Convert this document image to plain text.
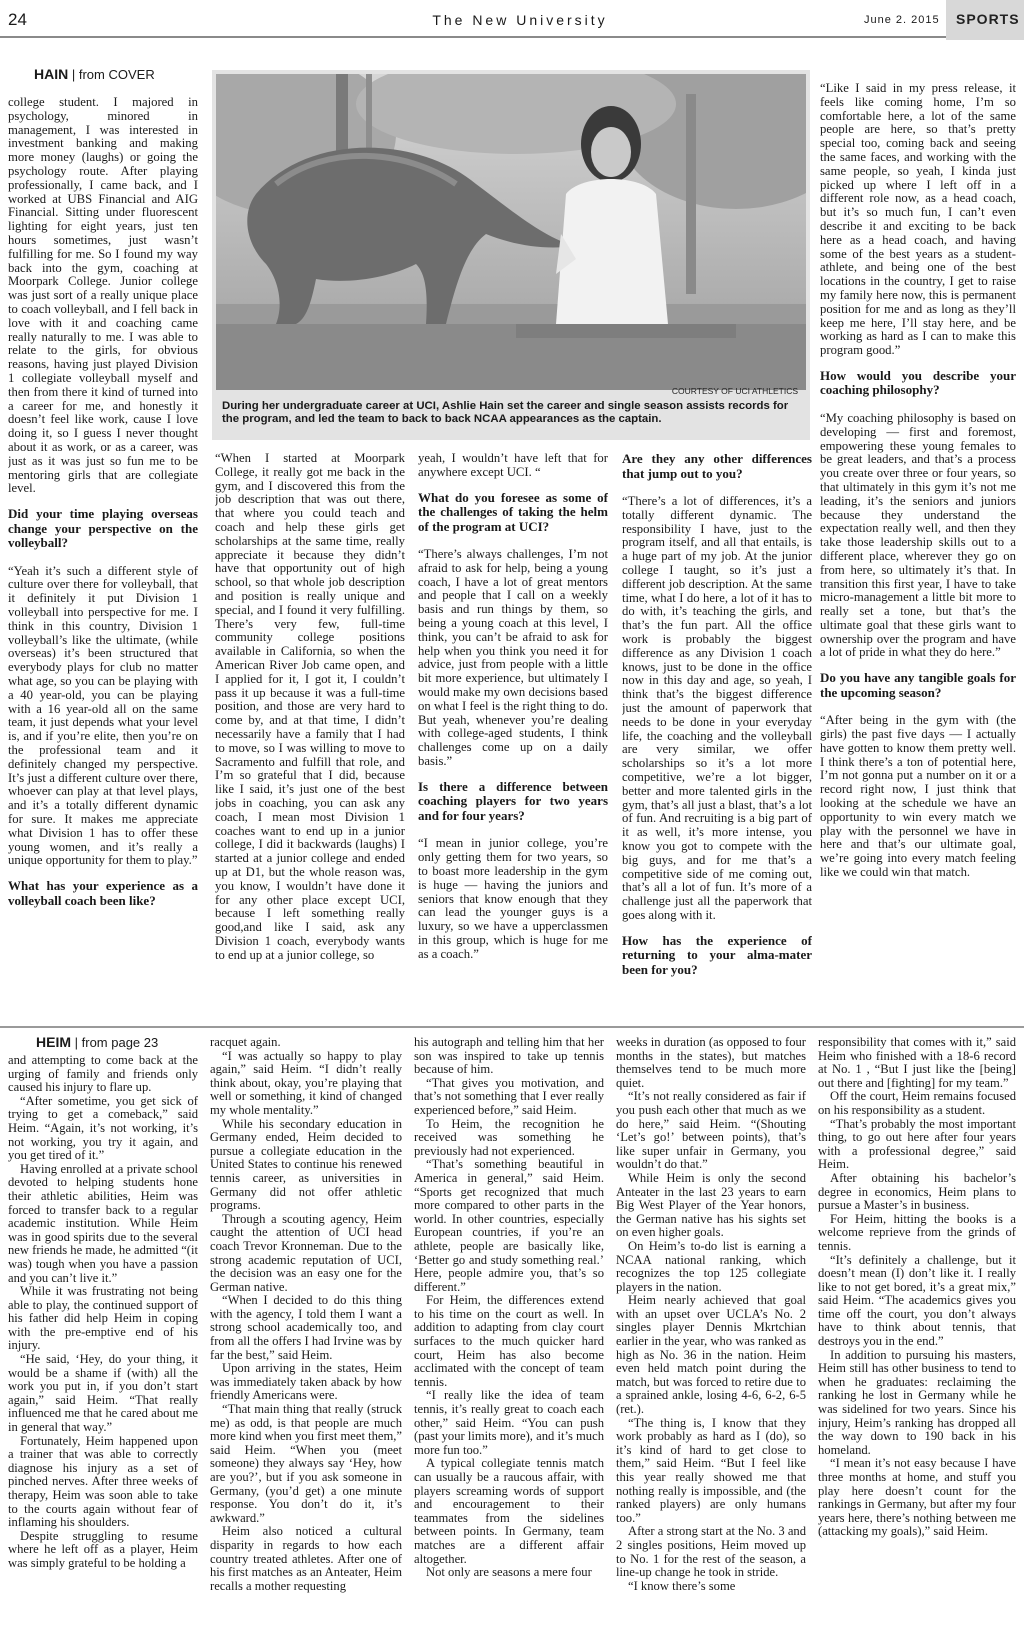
24	The New University	June 2. 2015 SPORTS
HAIN | from COVER
COURTESY OF UCI ATHLETICS
During her undergraduate career at UCI, Ashlie Hain set the career and single season assists records for the program, and led the team to back to back NCAA appearances as the captain.

college student. I majored in psychology, minored in management, I was interested in investment banking and making more money (laughs) or going the psychology route. After playing professionally, I came back, and I worked at UBS Financial and AIG Financial. Sitting under fluorescent lighting for eight years, just ten hours sometimes, just wasn’t fulfilling for me. So I found my way back into the gym, coaching at Moorpark College. Junior college was just sort of a really unique place to coach volleyball, and I fell back in love with it and coaching came really naturally to me. I was able to relate to the girls, for obvious reasons, having just played Division 1 collegiate volleyball myself and then from there it kind of turned into a career for me, and honestly it doesn’t feel like work, cause I love doing it, so I guess I never thought about it as work, or as a career, was just as it was just so fun me to be mentoring girls that are collegiate level.

Did your time playing overseas change your perspective on the volleyball?

“Yeah it’s such a different style of culture over there for volleyball, that it definitely it put Division 1 volleyball into perspective for me. I think in this country, Division 1 volleyball’s like the ultimate, (while overseas) it’s been structured that everybody plays for club no matter what age, so you can be playing with a 40 year-old, you can be playing with a 16 year-old all on the same team, it just depends what your level is, and if you’re elite, then you’re on the professional team and it definitely changed my perspective. It’s just a different culture over there, whoever can play at that level plays, and it’s a totally different dynamic for sure. It makes me appreciate what Division 1 has to offer these young women, and it’s really a unique opportunity for them to play.”

What has your experience as a volleyball coach been like?

“When I started at Moorpark College, it really got me back in the gym, and I discovered this from the job description that was out there, that where you could teach and coach and help these girls get scholarships at the same time, really appreciate it because they didn’t have that opportunity out of high school, so that whole job description and position is really unique and special, and I found it very fulfilling. There’s very few, full-time community college positions available in California, so when the American River Job came open, and I applied for it, I got it, I couldn’t pass it up because it was a full-time position, and those are very hard to come by, and at that time, I didn’t necessarily have a family that I had to move, so I was willing to move to Sacramento and fulfill that role, and I’m so grateful that I did, because like I said, it’s just one of the best jobs in coaching, you can ask any coach, I mean most Division 1 coaches want to end up in a junior college, I did it backwards (laughs) I started at a junior college and ended up at D1, but the whole reason was, you know, I wouldn’t have done it for any other place except UCI, because I left something really good,and like I said, ask any Division 1 coach, everybody wants to end up at a junior college, so

yeah, I wouldn’t have left that for anywhere except UCI. “

What do you foresee as some of the challenges of taking the helm of the program at UCI?

“There’s always challenges, I’m not afraid to ask for help, being a young coach, I have a lot of great mentors and people that I call on a weekly basis and run things by them, so being a young coach at this level, I think, you can’t be afraid to ask for help when you think you need it for advice, just from people with a little bit more experience, but ultimately I would make my own decisions based on what I feel is the right thing to do. But yeah, whenever you’re dealing with college-aged students, I think challenges come up on a daily basis.”

Is there a difference between coaching players for two years and for four years?

“I mean in junior college, you’re only getting them for two years, so to boast more leadership in the gym is huge — having the juniors and seniors that know enough that they can lead the younger guys is a luxury, so we have a upperclassmen in this group, which is huge for me as a coach.”

Are they any other differences that jump out to you?

“There’s a lot of differences, it’s a totally different dynamic. The responsibility I have, just to the program itself, and all that entails, is a huge part of my job. At the junior college I taught, so it’s just a different job description. At the same time, what I do here, a lot of it has to do with, it’s teaching the girls, and that’s the fun part. All the office work is probably the biggest difference as any Division 1 coach knows, just to be done in the office now in this day and age, so yeah, I think that’s the biggest difference just the amount of paperwork that needs to be done in your everyday life, the coaching and the volleyball are very similar, we offer scholarships so it’s a lot more competitive, we’re a lot bigger, better and more talented girls in the gym, that’s all just a blast, that’s a lot of fun. And recruiting is a big part of it as well, it’s more intense, you know you got to compete with the big guys, and for me that’s a competitive side of me coming out, that’s all a lot of fun. It’s more of a challenge just all the paperwork that goes along with it.

How has the experience of returning to your alma-mater been for you?

“Like I said in my press release, it feels like coming home, I’m so comfortable here, a lot of the same people are here, so that’s pretty special too, coming back and seeing the same faces, and working with the same people, so yeah, I kinda just picked up where I left off in a different role now, as a head coach, but it’s so much fun, I can’t even describe it and exciting to be back here as a head coach, and having some of the best years as a student-athlete, and being one of the best locations in the country, I get to raise my family here now, this is permanent position for me and as long as they’ll keep me here, I’ll stay here, and be working as hard as I can to make this program good.”

How would you describe your coaching philosophy?

“My coaching philosophy is based on developing — first and foremost, empowering these young females to be great leaders, and that’s a process you create over three or four years, so that ultimately in this gym it’s not me leading, it’s the seniors and juniors because they understand the expectation really well, and then they take those leadership skills out to a different place, wherever they go on from here, so ultimately it’s that. In transition this first year, I have to take micro-management a little bit more to really set a tone, but that’s the ultimate goal that these girls want to ownership over the program and have a lot of pride in what they do here.”

Do you have any tangible goals for the upcoming season?

“After being in the gym with (the girls) the past five days — I actually have gotten to know them pretty well. I think there’s a ton of potential here, I’m not gonna put a number on it or a record right now, I just think that looking at the schedule we have an opportunity to win every match we play with the personnel we have in here and that’s our ultimate goal, we’re going into every match feeling like we could win that match.

HEIM | from page 23

and attempting to come back at the urging of family and friends only caused his injury to flare up.

“After sometime, you get sick of trying to get a comeback,” said Heim. “Again, it’s not working, it’s not working, you try it again, and you get tired of it.”

Having enrolled at a private school devoted to helping students hone their athletic abilities, Heim was forced to transfer back to a regular academic institution. While Heim was in good spirits due to the several new friends he made, he admitted “(it was) tough when you have a passion and you can’t live it.”

While it was frustrating not being able to play, the continued support of his father did help Heim in coping with the pre-emptive end of his injury.

“He said, ‘Hey, do your thing, it would be a shame if (with) all the work you put in, if you don’t start again,” said Heim. “That really influenced me that he cared about me in general that way.”

Fortunately, Heim happened upon a trainer that was able to correctly diagnose his injury as a set of pinched nerves. After three weeks of therapy, Heim was soon able to take to the courts again without fear of inflaming his shoulders.

Despite struggling to resume where he left off as a player, Heim was simply grateful to be holding a

racquet again.

“I was actually so happy to play again,” said Heim. “I didn’t really think about, okay, you’re playing that well or something, it kind of changed my whole mentality.”

While his secondary education in Germany ended, Heim decided to pursue a collegiate education in the United States to continue his renewed tennis career, as universities in Germany did not offer athletic programs.

Through a scouting agency, Heim caught the attention of UCI head coach Trevor Kronneman. Due to the strong academic reputation of UCI, the decision was an easy one for the German native.

“When I decided to do this thing with the agency, I told them I want a strong school academically too, and from all the offers I had Irvine was by far the best,” said Heim.

Upon arriving in the states, Heim was immediately taken aback by how friendly Americans were.

“That main thing that really (struck me) as odd, is that people are much more kind when you first meet them,” said Heim. “When you (meet someone) they always say ‘Hey, how are you?’, but if you ask someone in Germany, (you’d get) a one minute response. You don’t do it, it’s awkward.”

Heim also noticed a cultural disparity in regards to how each country treated athletes. After one of his first matches as an Anteater, Heim recalls a mother requesting

his autograph and telling him that her son was inspired to take up tennis because of him.

“That gives you motivation, and that’s not something that I ever really experienced before,” said Heim.

To Heim, the recognition he received was something he previously had not experienced.

“That’s something beautiful in America in general,” said Heim. “Sports get recognized that much more compared to other parts in the world. In other countries, especially European countries, if you’re an athlete, people are basically like, ‘Better go and study something real.’ Here, people admire you, that’s so different.”

For Heim, the differences extend to his time on the court as well. In addition to adapting from clay court surfaces to the much quicker hard court, Heim has also become acclimated with the concept of team tennis.

“I really like the idea of team tennis, it’s really great to coach each other,” said Heim. “You can push (past your limits more), and it’s much more fun too.”

A typical collegiate tennis match can usually be a raucous affair, with players screaming words of support and encouragement to their teammates from the sidelines between points. In Germany, team matches are a different affair altogether.

Not only are seasons a mere four

weeks in duration (as opposed to four months in the states), but matches themselves tend to be much more quiet.

“It’s not really considered as fair if you push each other that much as we do here,” said Heim. “(Shouting ‘Let’s go!’ between points), that’s like super unfair in Germany, you wouldn’t do that.”

While Heim is only the second Anteater in the last 23 years to earn Big West Player of the Year honors, the German native has his sights set on even higher goals.

On Heim’s to-do list is earning a NCAA national ranking, which recognizes the top 125 collegiate players in the nation.

Heim nearly achieved that goal with an upset over UCLA’s No. 2 singles player Dennis Mkrtchian earlier in the year, who was ranked as high as No. 36 in the nation. Heim even held match point during the match, but was forced to retire due to a sprained ankle, losing 4-6, 6-2, 6-5 (ret.).

“The thing is, I know that they work probably as hard as I (do), so it’s kind of hard to get close to them,” said Heim. “But I feel like this year really showed me that nothing really is impossible, and (the ranked players) are only humans too.”

After a strong start at the No. 3 and 2 singles positions, Heim moved up to No. 1 for the rest of the season, a line-up change he took in stride.

“I know there’s some

responsibility that comes with it,” said Heim who finished with a 18-6 record at No. 1 , “But I just like the [being] out there and [fighting] for my team.”

Off the court, Heim remains focused on his responsibility as a student.

“That’s probably the most important thing, to go out here after four years with a professional degree,” said Heim.

After obtaining his bachelor’s degree in economics, Heim plans to pursue a Master’s in business.

For Heim, hitting the books is a welcome reprieve from the grinds of tennis.

“It’s definitely a challenge, but it doesn’t mean (I) don’t like it. I really like to not get bored, it’s a great mix,” said Heim. “The academics gives you time off the court, you don’t always have to think about tennis, that destroys you in the end.”

In addition to pursuing his masters, Heim still has other business to tend to when he graduates: reclaiming the ranking he lost in Germany while he was sidelined for two years. Since his injury, Heim’s ranking has dropped all the way down to 190 back in his homeland.

“I mean it’s not easy because I have three months at home, and stuff you play here doesn’t count for the rankings in Germany, but after my four years here, there’s nothing between me (attacking my goals),” said Heim.
